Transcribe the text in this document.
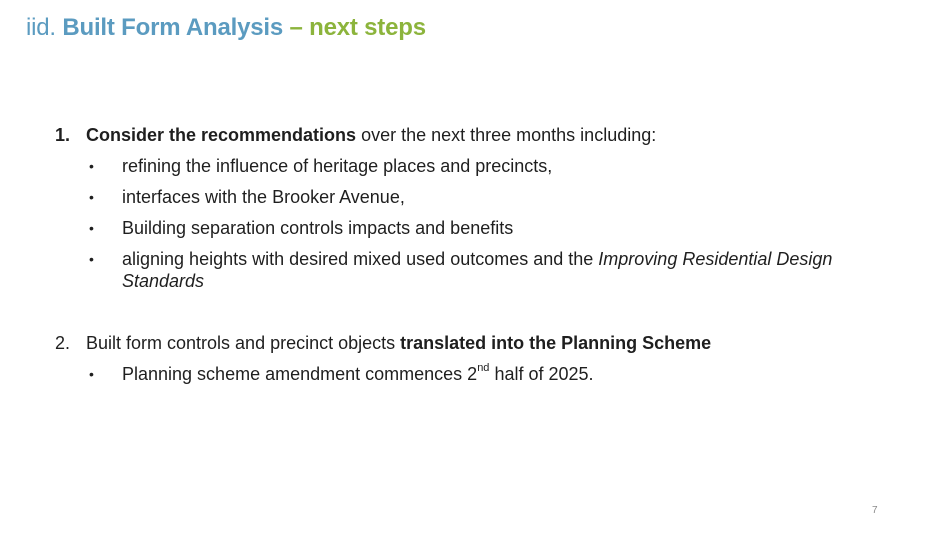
iid. Built Form Analysis – next steps
1. Consider the recommendations over the next three months including:
• refining the influence of heritage places and precincts,
• interfaces with the Brooker Avenue,
• Building separation controls impacts and benefits
• aligning heights with desired mixed used outcomes and the Improving Residential Design Standards
2. Built form controls and precinct objects translated into the Planning Scheme
• Planning scheme amendment commences 2nd half of 2025.
7
